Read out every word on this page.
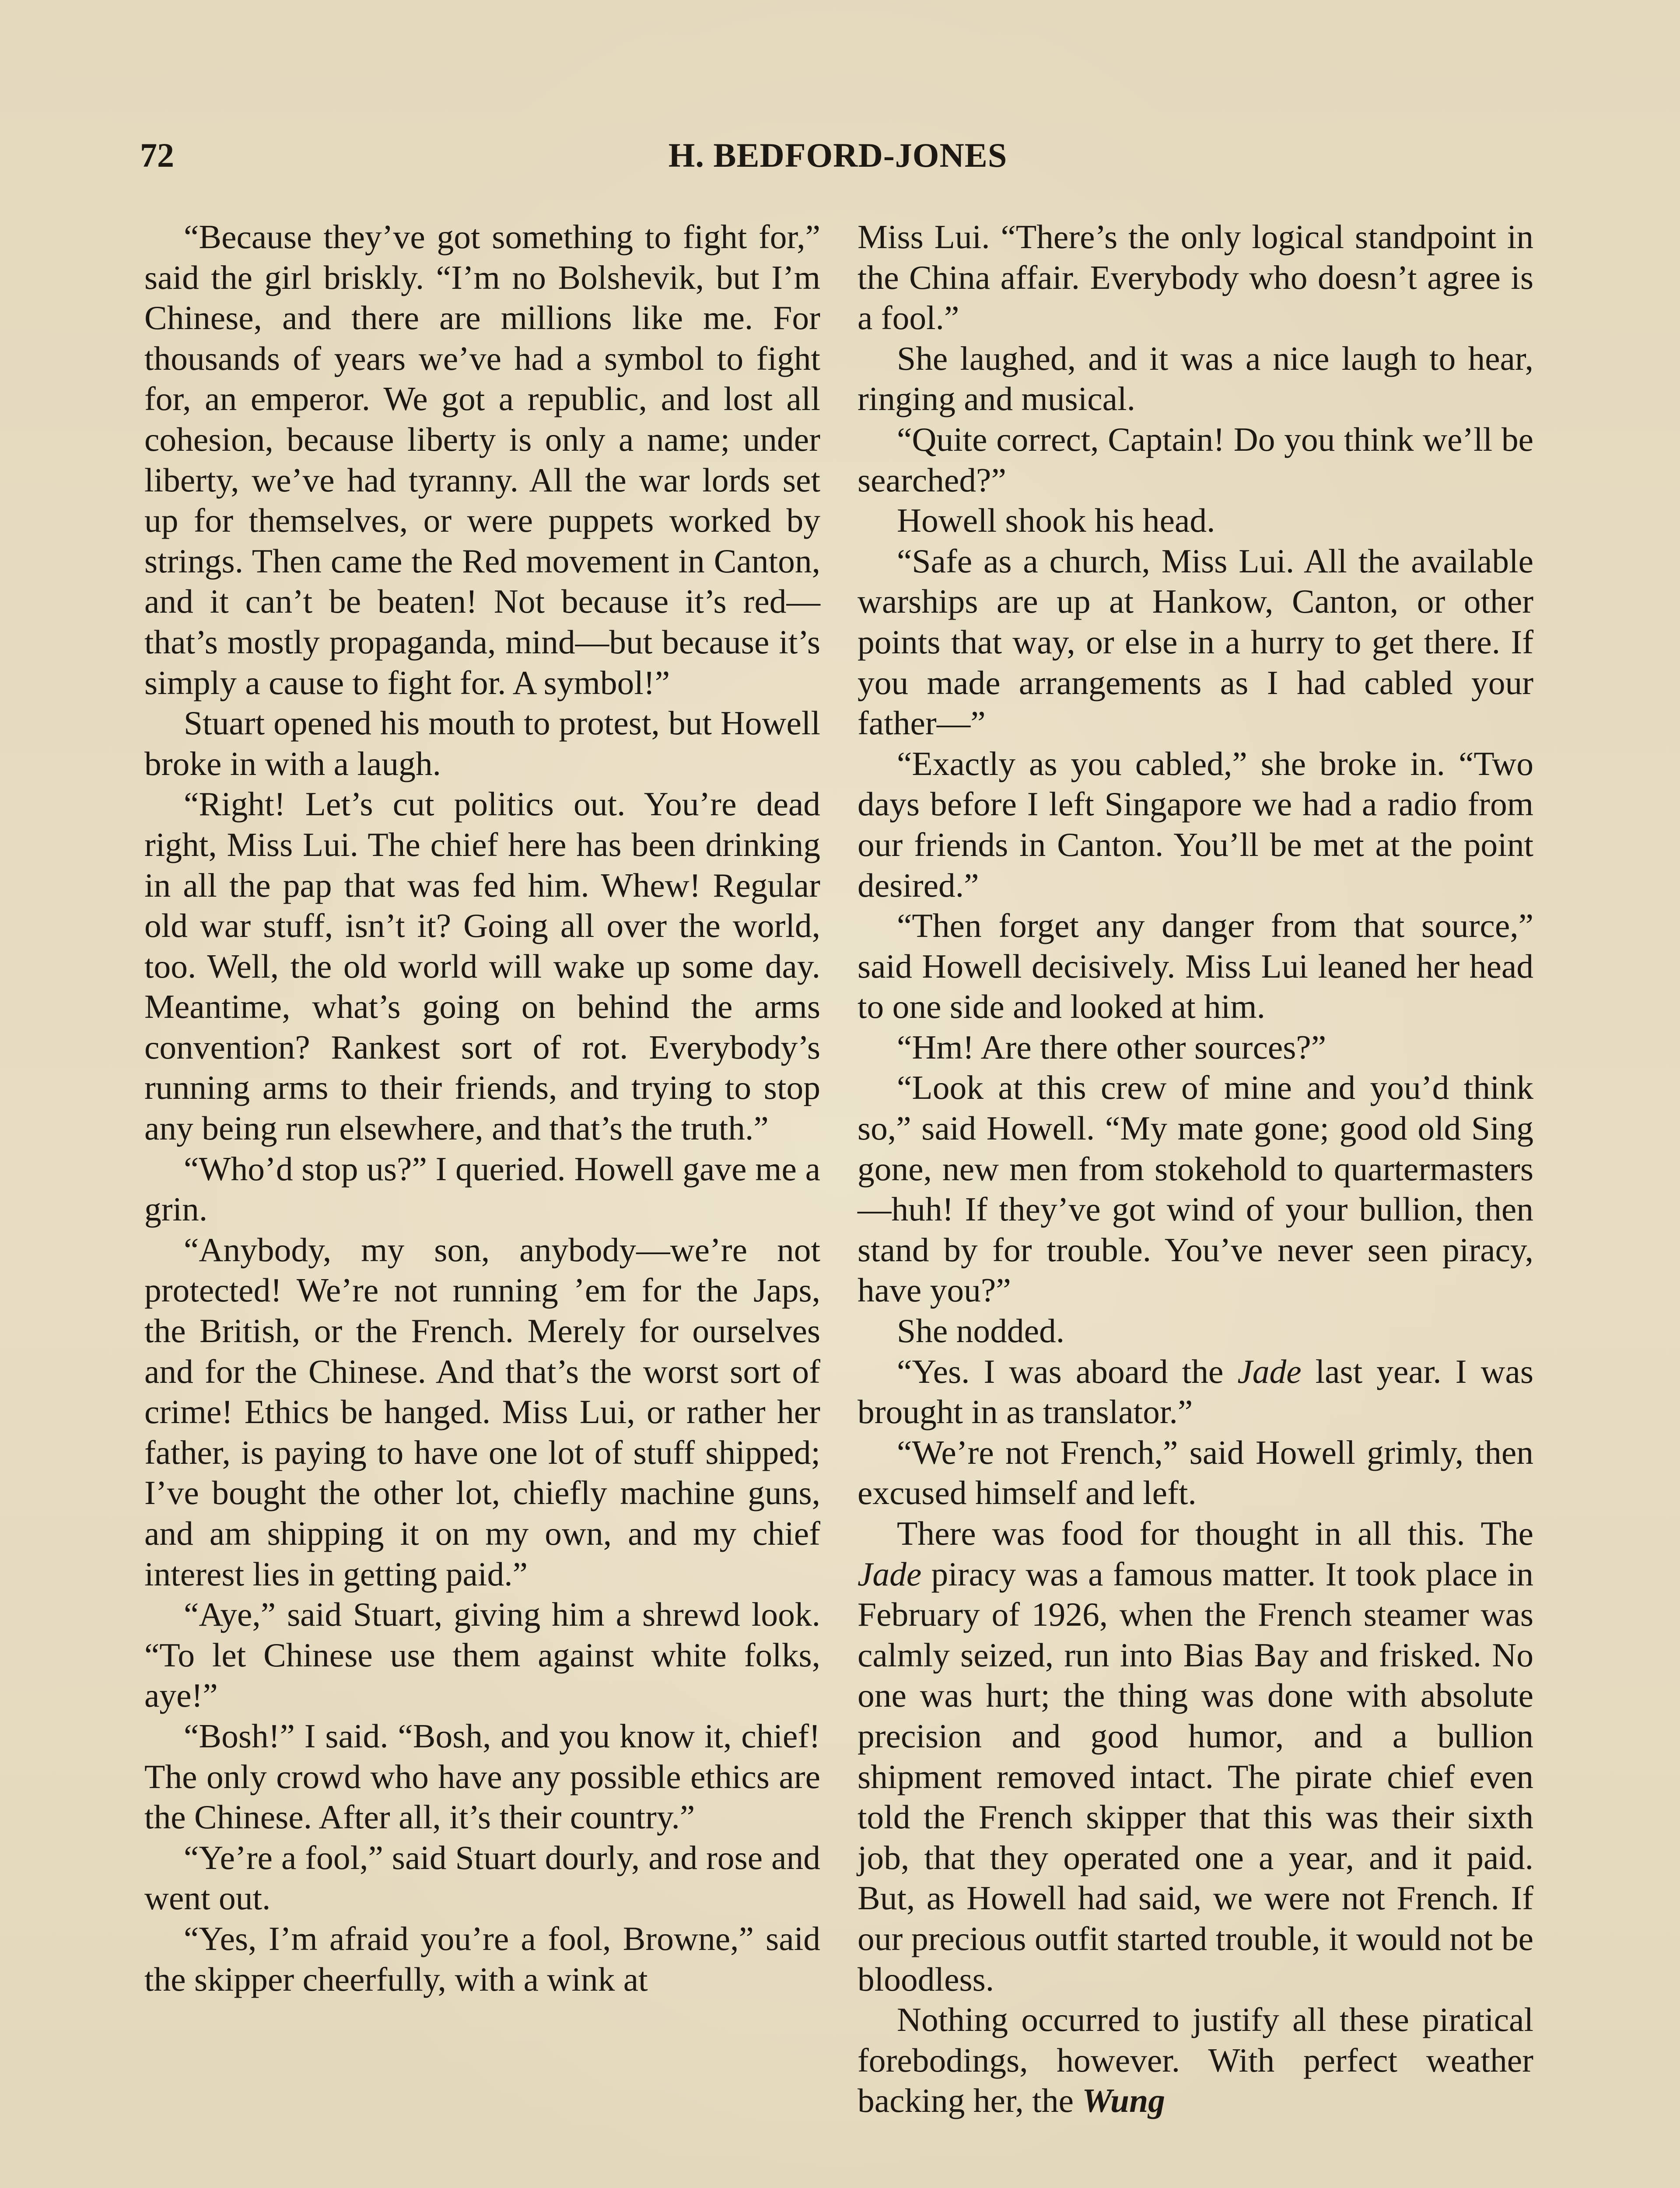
72	H. BEDFORD-JONES

“Because they’ve got something to fight for,” said the girl briskly. “I’m no Bolshevik, but I’m Chinese, and there are millions like me. For thousands of years we’ve had a symbol to fight for, an emperor. We got a republic, and lost all cohesion, because liberty is only a name; under liberty, we’ve had tyranny. All the war lords set up for themselves, or were puppets worked by strings. Then came the Red movement in Canton, and it can’t be beaten! Not because it’s red—that’s mostly propaganda, mind—but because it’s simply a cause to fight for. A symbol!”

Stuart opened his mouth to protest, but Howell broke in with a laugh.

“Right! Let’s cut politics out. You’re dead right, Miss Lui. The chief here has been drinking in all the pap that was fed him. Whew! Regular old war stuff, isn’t it? Going all over the world, too. Well, the old world will wake up some day. Meantime, what’s going on behind the arms convention? Rankest sort of rot. Everybody’s running arms to their friends, and trying to stop any being run elsewhere, and that’s the truth.”

“Who’d stop us?” I queried. Howell gave me a grin.

“Anybody, my son, anybody—we’re not protected! We’re not running ’em for the Japs, the British, or the French. Merely for ourselves and for the Chinese. And that’s the worst sort of crime! Ethics be hanged. Miss Lui, or rather her father, is paying to have one lot of stuff shipped; I’ve bought the other lot, chiefly machine guns, and am shipping it on my own, and my chief interest lies in getting paid.”

“Aye,” said Stuart, giving him a shrewd look. “To let Chinese use them against white folks, aye!”

“Bosh!” I said. “Bosh, and you know it, chief! The only crowd who have any possible ethics are the Chinese. After all, it’s their country.”

“Ye’re a fool,” said Stuart dourly, and rose and went out.

“Yes, I’m afraid you’re a fool, Browne,” said the skipper cheerfully, with a wink at

Miss Lui. “There’s the only logical standpoint in the China affair. Everybody who doesn’t agree is a fool.”

She laughed, and it was a nice laugh to hear, ringing and musical.

“Quite correct, Captain! Do you think we’ll be searched?”

Howell shook his head.

“Safe as a church, Miss Lui. All the available warships are up at Hankow, Canton, or other points that way, or else in a hurry to get there. If you made arrangements as I had cabled your father—”

“Exactly as you cabled,” she broke in. “Two days before I left Singapore we had a radio from our friends in Canton. You’ll be met at the point desired.”

“Then forget any danger from that source,” said Howell decisively. Miss Lui leaned her head to one side and looked at him.

“Hm! Are there other sources?”

“Look at this crew of mine and you’d think so,” said Howell. “My mate gone; good old Sing gone, new men from stokehold to quartermasters—huh! If they’ve got wind of your bullion, then stand by for trouble. You’ve never seen piracy, have you?”

She nodded.

“Yes. I was aboard the Jade last year. I was brought in as translator.”

“We’re not French,” said Howell grimly, then excused himself and left.

There was food for thought in all this. The Jade piracy was a famous matter. It took place in February of 1926, when the French steamer was calmly seized, run into Bias Bay and frisked. No one was hurt; the thing was done with absolute precision and good humor, and a bullion shipment removed intact. The pirate chief even told the French skipper that this was their sixth job, that they operated one a year, and it paid. But, as Howell had said, we were not French. If our precious outfit started trouble, it would not be bloodless.

Nothing occurred to justify all these piratical forebodings, however. With perfect weather backing her, the Wung
